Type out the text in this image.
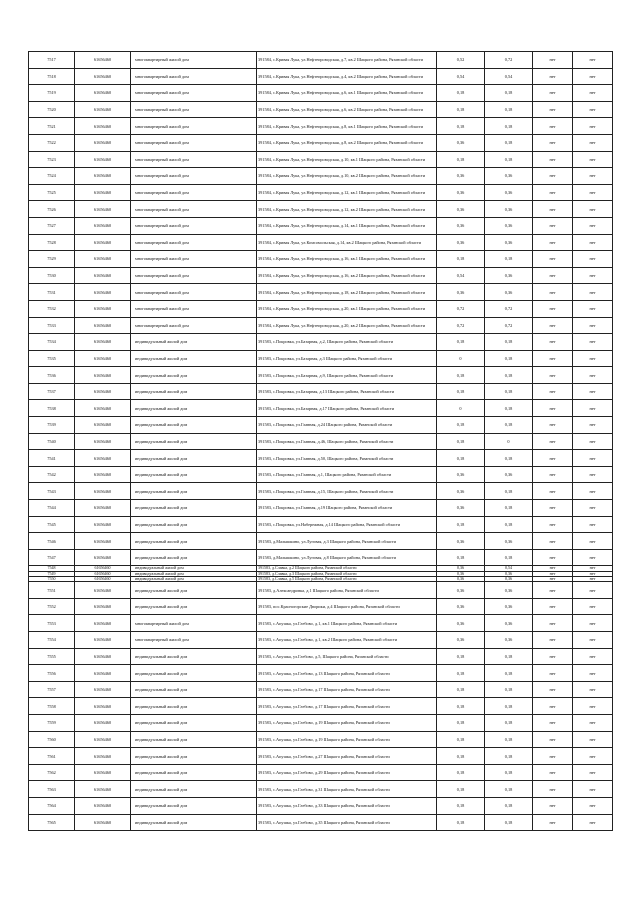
7517	61656460	многоквартирный жилой дом	391584, с.Кривая Лука, ул.Нефтепроводская, д.7, кв.2 Шацкого района, Рязанской области	0,52	0,72	нет	нет
7518	61656460	многоквартирный жилой дом	391584, с.Кривая Лука, ул.Нефтепроводская, д.4, кв.2 Шацкого района, Рязанской области	0,54	0,54	нет	нет
7519	61656460	многоквартирный жилой дом	391584, с.Кривая Лука, ул.Нефтепроводская, д.6, кв.1 Шацкого района, Рязанской области	0,18	0,18	нет	нет
7520	61656460	многоквартирный жилой дом	391584, с.Кривая Лука, ул.Нефтепроводская, д.6, кв.2 Шацкого района, Рязанской области	0,18	0,18	нет	нет
7521	61656460	многоквартирный жилой дом	391584, с.Кривая Лука, ул.Нефтепроводская, д.8, кв.1 Шацкого района, Рязанской области	0,18	0,18	нет	нет
7522	61656460	многоквартирный жилой дом	391584, с.Кривая Лука, ул.Нефтепроводская, д.8, кв.2 Шацкого района, Рязанской области	0,36	0,18	нет	нет
7523	61656460	многоквартирный жилой дом	391584, с.Кривая Лука, ул.Нефтепроводская, д.10, кв.1 Шацкого района, Рязанской области	0,18	0,18	нет	нет
7524	61656460	многоквартирный жилой дом	391584, с.Кривая Лука, ул.Нефтепроводская, д.10, кв.2 Шацкого района, Рязанской области	0,36	0,36	нет	нет
7525	61656460	многоквартирный жилой дом	391584, с.Кривая Лука, ул.Нефтепроводская, д.12, кв.1 Шацкого района, Рязанской области	0,36	0,36	нет	нет
7526	61656460	многоквартирный жилой дом	391584, с.Кривая Лука, ул.Нефтепроводская, д.12, кв.2 Шацкого района, Рязанской области	0,36	0,36	нет	нет
7527	61656460	многоквартирный жилой дом	391584, с.Кривая Лука, ул.Нефтепроводская, д.14, кв.1 Шацкого района, Рязанской области	0,36	0,36	нет	нет
7528	61656460	многоквартирный жилой дом	391584, с.Кривая Лука, ул.Комсомольская, д.14, кв.2 Шацкого района, Рязанской области	0,36	0,36	нет	нет
7529	61656460	многоквартирный жилой дом	391584, с.Кривая Лука, ул.Нефтепроводская, д.16, кв.1 Шацкого района, Рязанской области	0,18	0,18	нет	нет
7530	61656460	многоквартирный жилой дом	391584, с.Кривая Лука, ул.Нефтепроводская, д.16, кв.2 Шацкого района, Рязанской области	0,54	0,36	нет	нет
7531	61656460	многоквартирный жилой дом	391584, с.Кривая Лука, ул.Нефтепроводская, д.18, кв.2 Шацкого района, Рязанской области	0,36	0,36	нет	нет
7532	61656460	многоквартирный жилой дом	391584, с.Кривая Лука, ул.Нефтепроводская, д.20, кв.1 Шацкого района, Рязанской области	0,72	0,72	нет	нет
7533	61656460	многоквартирный жилой дом	391584, с.Кривая Лука, ул.Нефтепроводская, д.20, кв.2 Шацкого района, Рязанской области	0,72	0,72	нет	нет
7534	61656460	индивидуальный жилой дом	391583, с.Покровка, ул.Базарная, д.2, Шацкого района, Рязанской области	0,18	0,18	нет	нет
7535	61656460	индивидуальный жилой дом	391583, с.Покровка, ул.Базарная, д.3 Шацкого района, Рязанской области	0	0,18	нет	нет
7536	61656460	индивидуальный жилой дом	391583, с.Покровка, ул.Базарная, д.9, Шацкого района, Рязанской области	0,18	0,18	нет	нет
7537	61656460	индивидуальный жилой дом	391583, с.Покровка, ул.Базарная, д.13 Шацкого района, Рязанской области	0,18	0,18	нет	нет
7538	61656460	индивидуальный жилой дом	391583, с.Покровка, ул.Базарная, д.17 Шацкого района, Рязанской области	0	0,18	нет	нет
7539	61656460	индивидуальный жилой дом	391583, с.Покровка, ул.Главная, д.24 Шацкого района, Рязанской области	0,18	0,18	нет	нет
7540	61656460	индивидуальный жилой дом	391583, с.Покровка, ул.Главная, д.46, Шацкого района, Рязанской области	0,18	0	нет	нет
7541	61656460	индивидуальный жилой дом	391583, с.Покровка, ул.Главная, д.50, Шацкого района, Рязанской области	0,18	0,18	нет	нет
7542	61656460	индивидуальный жилой дом	391583, с.Покровка, ул.Главная, д.1, Шацкого района, Рязанской области	0,36	0,36	нет	нет
7543	61656460	индивидуальный жилой дом	391583, с.Покровка, ул.Главная, д.15, Шацкого района, Рязанской области	0,36	0,18	нет	нет
7544	61656460	индивидуальный жилой дом	391583, с.Покровка, ул.Главная, д.19 Шацкого района, Рязанской области	0,36	0,18	нет	нет
7545	61656460	индивидуальный жилой дом	391583, с.Покровка, ул.Набережная, д.14 Шацкого района, Рязанской области	0,18	0,18	нет	нет
7546	61656460	индивидуальный жилой дом	391583, д.Малышкино, ул.Луговая, д.3 Шацкого района, Рязанской области	0,36	0,36	нет	нет
7547	61656460	индивидуальный жилой дом	391583, д.Малышкино, ул.Луговая, д.8 Шацкого района, Рязанской области	0,18	0,18	нет	нет
7548	61656460	индивидуальный жилой дом	391583, д.Славка, д.2 Шацкого района, Рязанской области	0,36	0,54	нет	нет
7549	61656460	индивидуальный жилой дом	391583, д.Славка, д.3 Шацкого района, Рязанской области	0,36	0,36	нет	нет
7550	61656460	индивидуальный жилой дом	391583, д.Славка, д.5 Шацкого района, Рязанской области	0,36	0,36	нет	нет
7551	61656460	индивидуальный жилой дом	391583, д.Александровка, д.1 Шацкого района, Рязанской области	0,36	0,36	нет	нет
7552	61656460	индивидуальный жилой дом	391583, пос.Красногорские Дворики, д.4 Шацкого района, Рязанской области	0,36	0,36	нет	нет
7553	61656460	многоквартирный жилой дом	391583, с.Апушка, ул.Глебово, д.1, кв.1 Шацкого района, Рязанской области	0,36	0,36	нет	нет
7554	61656460	многоквартирный жилой дом	391583, с.Апушка, ул.Глебово, д.1, кв.2 Шацкого района, Рязанской области	0,36	0,36	нет	нет
7555	61656460	индивидуальный жилой дом	391583, с.Апушка, ул.Глебово, д.5, Шацкого района, Рязанской области	0,18	0,18	нет	нет
7556	61656460	индивидуальный жилой дом	391583, с.Апушка, ул.Глебово, д.13 Шацкого района, Рязанской области	0,18	0,18	нет	нет
7557	61656460	индивидуальный жилой дом	391583, с.Апушка, ул.Глебово, д.17 Шацкого района, Рязанской области	0,18	0,18	нет	нет
7558	61656460	индивидуальный жилой дом	391583, с.Апушка, ул.Глебово, д.17 Шацкого района, Рязанской области	0,18	0,18	нет	нет
7559	61656460	индивидуальный жилой дом	391583, с.Апушка, ул.Глебово, д.19 Шацкого района, Рязанской области	0,18	0,18	нет	нет
7560	61656460	индивидуальный жилой дом	391583, с.Апушка, ул.Глебово, д.19 Шацкого района, Рязанской области	0,18	0,18	нет	нет
7561	61656460	индивидуальный жилой дом	391583, с.Апушка, ул.Глебово, д.27 Шацкого района, Рязанской области	0,18	0,18	нет	нет
7562	61656460	индивидуальный жилой дом	391583, с.Апушка, ул.Глебово, д.29 Шацкого района, Рязанской области	0,18	0,18	нет	нет
7563	61656460	индивидуальный жилой дом	391583, с.Апушка, ул.Глебово, д.31 Шацкого района, Рязанской области	0,18	0,18	нет	нет
7564	61656460	индивидуальный жилой дом	391583, с.Апушка, ул.Глебово, д.33 Шацкого района, Рязанской области	0,18	0,18	нет	нет
7565	61656460	индивидуальный жилой дом	391583, с.Апушка, ул.Глебово, д.35 Шацкого района, Рязанской области	0,18	0,18	нет	нет
